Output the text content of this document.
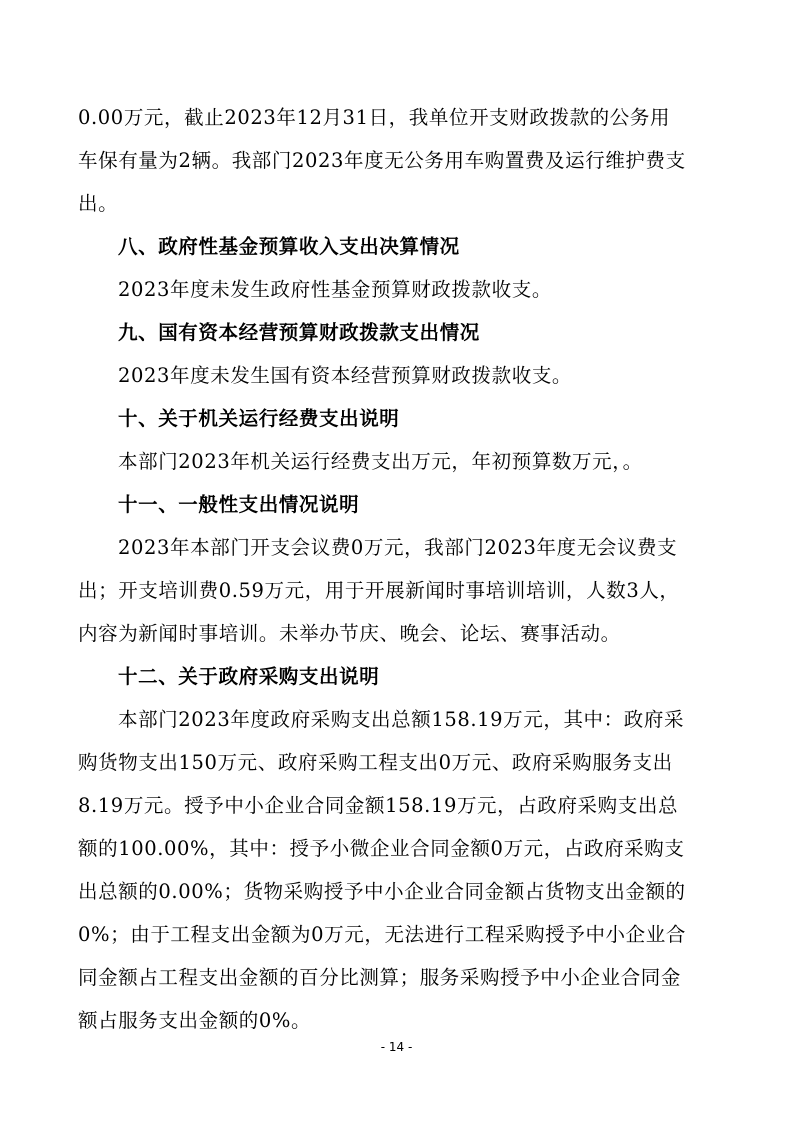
0.00万元，截止2023年12月31日，我单位开支财政拨款的公务用
车保有量为2辆。我部门2023年度无公务用车购置费及运行维护费支
出。
八、政府性基金预算收入支出决算情况
2023年度未发生政府性基金预算财政拨款收支。
九、国有资本经营预算财政拨款支出情况
2023年度未发生国有资本经营预算财政拨款收支。
十、关于机关运行经费支出说明
本部门2023年机关运行经费支出万元，年初预算数万元，。
十一、一般性支出情况说明
2023年本部门开支会议费0万元，我部门2023年度无会议费支
出；开支培训费0.59万元，用于开展新闻时事培训培训，人数3人，
内容为新闻时事培训。未举办节庆、晚会、论坛、赛事活动。
十二、关于政府采购支出说明
本部门2023年度政府采购支出总额158.19万元，其中：政府采
购货物支出150万元、政府采购工程支出0万元、政府采购服务支出
8.19万元。授予中小企业合同金额158.19万元，占政府采购支出总
额的100.00%，其中：授予小微企业合同金额0万元，占政府采购支
出总额的0.00%；货物采购授予中小企业合同金额占货物支出金额的
0%；由于工程支出金额为0万元，无法进行工程采购授予中小企业合
同金额占工程支出金额的百分比测算；服务采购授予中小企业合同金
额占服务支出金额的0%。
- 14 -
